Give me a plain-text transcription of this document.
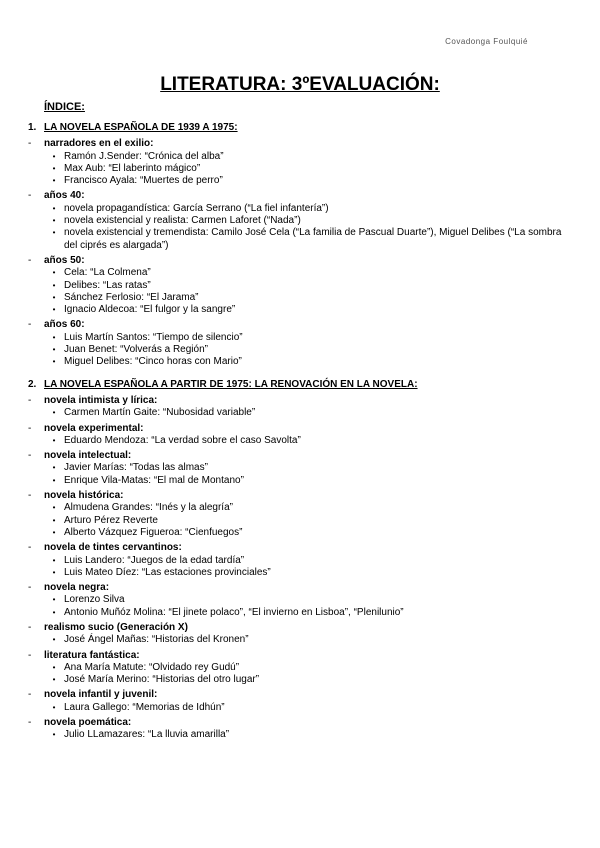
Covadonga Foulquié
LITERATURA: 3ºEVALUACIÓN:
ÍNDICE:
1. LA NOVELA ESPAÑOLA DE 1939 A 1975:
-	narradores en el exilio:
• Ramón J.Sender: “Crónica del alba”
• Max Aub: “El laberinto mágico”
• Francisco Ayala: “Muertes de perro”
-	años 40:
• novela propagandística: García Serrano (“La fiel infantería”)
• novela existencial y realista: Carmen Laforet (“Nada”)
• novela existencial y tremendista: Camilo José Cela (“La familia de Pascual Duarte”), Miguel Delibes (“La sombra del ciprés es alargada”)
-	años 50:
• Cela: “La Colmena”
• Delibes: “Las ratas”
• Sánchez Ferlosio: “El Jarama”
• Ignacio Aldecoa: “El fulgor y la sangre”
-	años 60:
• Luis Martín Santos: “Tiempo de silencio”
• Juan Benet: “Volverás a Región”
• Miguel Delibes: “Cinco horas con Mario”
2. LA NOVELA ESPAÑOLA A PARTIR DE 1975: LA RENOVACIÓN EN LA NOVELA:
-	novela intimista y lírica:
• Carmen Martín Gaite: “Nubosidad variable”
-	novela experimental:
• Eduardo Mendoza: “La verdad sobre el caso Savolta”
-	novela intelectual:
• Javier Marías: “Todas las almas”
• Enrique Vila-Matas: “El mal de Montano”
-	novela histórica:
• Almudena Grandes: “Inés y la alegría”
• Arturo Pérez Reverte
• Alberto Vázquez Figueroa: “Cienfuegos”
-	novela de tintes cervantinos:
• Luis Landero: “Juegos de la edad tardía”
• Luis Mateo Díez: “Las estaciones provinciales”
-	novela negra:
• Lorenzo Silva
• Antonio Muñóz Molina: “El jinete polaco”, “El invierno en Lisboa”, “Plenilunio”
-	realismo sucio (Generación X)
• José Ángel Mañas: “Historias del Kronen”
-	literatura fantástica:
• Ana María Matute: “Olvidado rey Gudú”
• José María Merino: “Historias del otro lugar”
-	novela infantil y juvenil:
• Laura Gallego: “Memorias de Idhún”
-	novela poemática:
• Julio LLamazares: “La lluvia amarilla”
